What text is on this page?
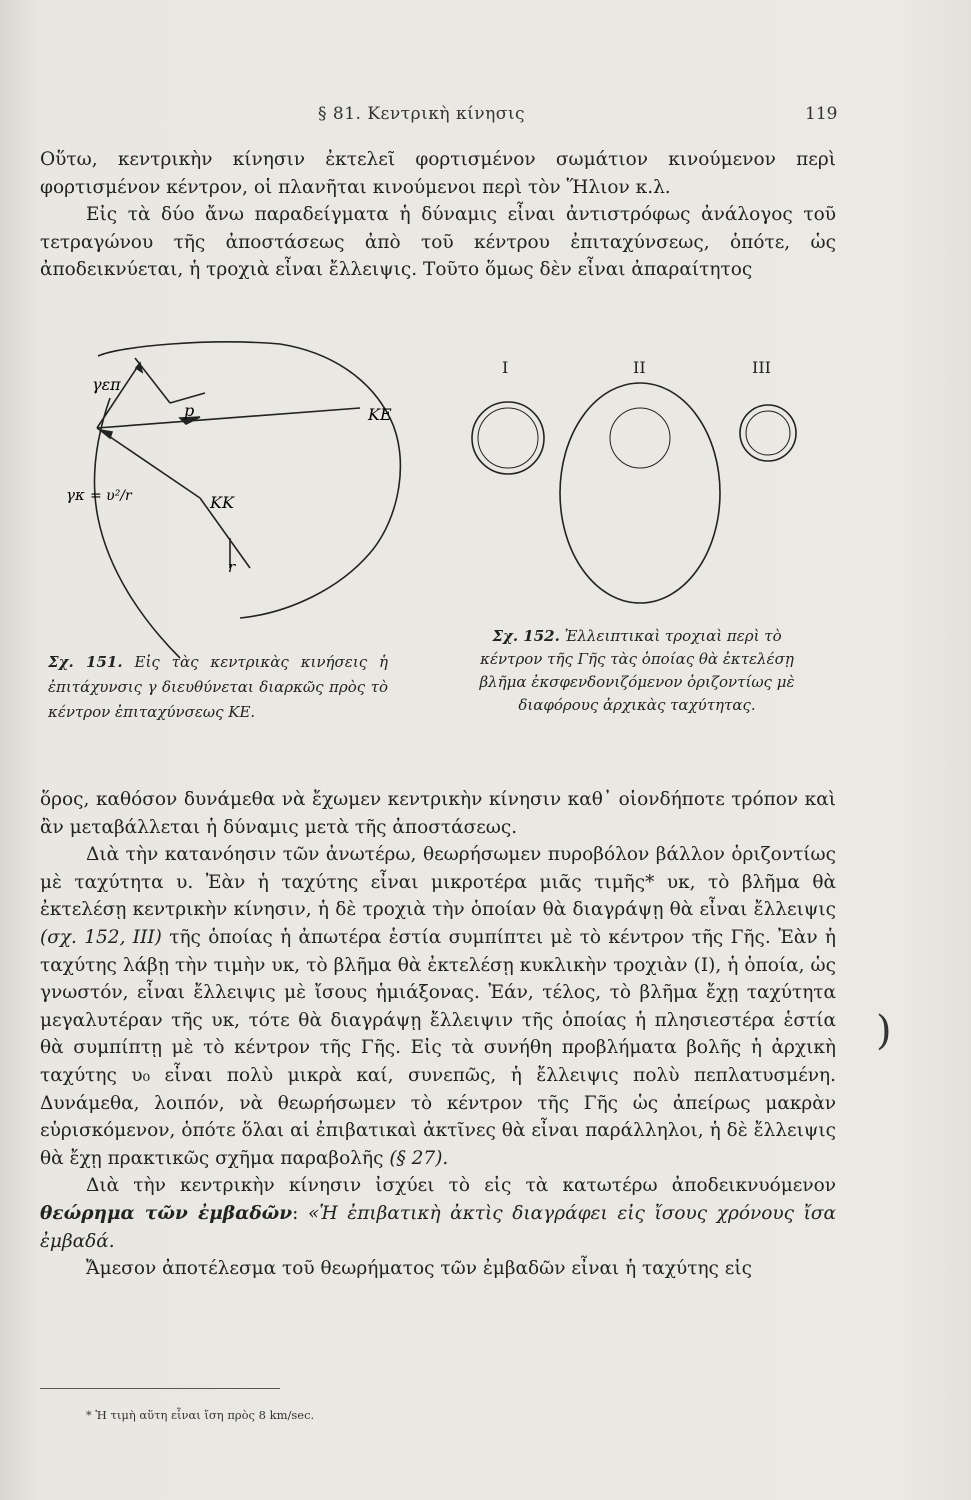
§ 81. Κεντρικὴ κίνησις	119

Οὕτω, κεντρικὴν κίνησιν ἐκτελεῖ φορτισμένον σωμάτιον κινούμενον περὶ φορτισμένον κέντρον, οἱ πλανῆται κινούμενοι περὶ τὸν Ἥλιον κ.λ.

Εἰς τὰ δύο ἄνω παραδείγματα ἡ δύναμις εἶναι ἀντιστρόφως ἀνάλογος τοῦ τετραγώνου τῆς ἀποστάσεως ἀπὸ τοῦ κέντρου ἐπιταχύνσεως, ὁπότε, ὡς ἀποδεικνύεται, ἡ τροχιὰ εἶναι ἔλλειψις. Τοῦτο ὅμως δὲν εἶναι ἀπαραίτητος

γεπ
p	ΚΕ
γκ = υ²/r	ΚΚ
r
I	II	III
Σχ. 151. Εἰς τὰς κεντρικὰς κινήσεις ἡ ἐπιτάχυνσις γ διευθύνεται διαρκῶς πρὸς τὸ κέντρον ἐπιταχύνσεως ΚΕ.
Σχ. 152. Ἐλλειπτικαὶ τροχιαὶ περὶ τὸ κέντρον τῆς Γῆς τὰς ὁποίας θὰ ἐκτελέσῃ βλῆμα ἐκσφενδονιζόμενον ὁριζοντίως μὲ διαφόρους ἀρχικὰς ταχύτητας.

ὅρος, καθόσον δυνάμεθα νὰ ἔχωμεν κεντρικὴν κίνησιν καθ᾿ οἱονδήποτε τρόπον καὶ ἂν μεταβάλλεται ἡ δύναμις μετὰ τῆς ἀποστάσεως.

Διὰ τὴν κατανόησιν τῶν ἀνωτέρω, θεωρήσωμεν πυροβόλον βάλλον ὁριζοντίως μὲ ταχύτητα υ. Ἐὰν ἡ ταχύτης εἶναι μικροτέρα μιᾶς τιμῆς* υκ, τὸ βλῆμα θὰ ἐκτελέσῃ κεντρικὴν κίνησιν, ἡ δὲ τροχιὰ τὴν ὁποίαν θὰ διαγράψῃ θὰ εἶναι ἔλλειψις (σχ. 152, III) τῆς ὁποίας ἡ ἀπωτέρα ἑστία συμπίπτει μὲ τὸ κέντρον τῆς Γῆς. Ἐὰν ἡ ταχύτης λάβῃ τὴν τιμὴν υκ, τὸ βλῆμα θὰ ἐκτελέσῃ κυκλικὴν τροχιὰν (Ι), ἡ ὁποία, ὡς γνωστόν, εἶναι ἔλλειψις μὲ ἴσους ἡμιάξονας. Ἐάν, τέλος, τὸ βλῆμα ἔχῃ ταχύτητα μεγαλυτέραν τῆς υκ, τότε θὰ διαγράψῃ ἔλλειψιν τῆς ὁποίας ἡ πλησιεστέρα ἑστία θὰ συμπίπτῃ μὲ τὸ κέντρον τῆς Γῆς. Εἰς τὰ συνήθη προβλήματα βολῆς ἡ ἀρχικὴ ταχύτης υ₀ εἶναι πολὺ μικρὰ καί, συνεπῶς, ἡ ἔλλειψις πολὺ πεπλατυσμένη. Δυνάμεθα, λοιπόν, νὰ θεωρήσωμεν τὸ κέντρον τῆς Γῆς ὡς ἀπείρως μακρὰν εὑρισκόμενον, ὁπότε ὅλαι αἱ ἐπιβατικαὶ ἀκτῖνες θὰ εἶναι παράλληλοι, ἡ δὲ ἔλλειψις θὰ ἔχῃ πρακτικῶς σχῆμα παραβολῆς (§ 27).

Διὰ τὴν κεντρικὴν κίνησιν ἰσχύει τὸ εἰς τὰ κατωτέρω ἀποδεικνυόμενον θεώρημα τῶν ἐμβαδῶν: «Ἡ ἐπιβατικὴ ἀκτὶς διαγράφει εἰς ἴσους χρόνους ἴσα ἐμβαδά.

Ἄμεσον ἀποτέλεσμα τοῦ θεωρήματος τῶν ἐμβαδῶν εἶναι ἡ ταχύτης εἰς

)
* Ἡ τιμὴ αὕτη εἶναι ἴση πρὸς 8 km/sec.
